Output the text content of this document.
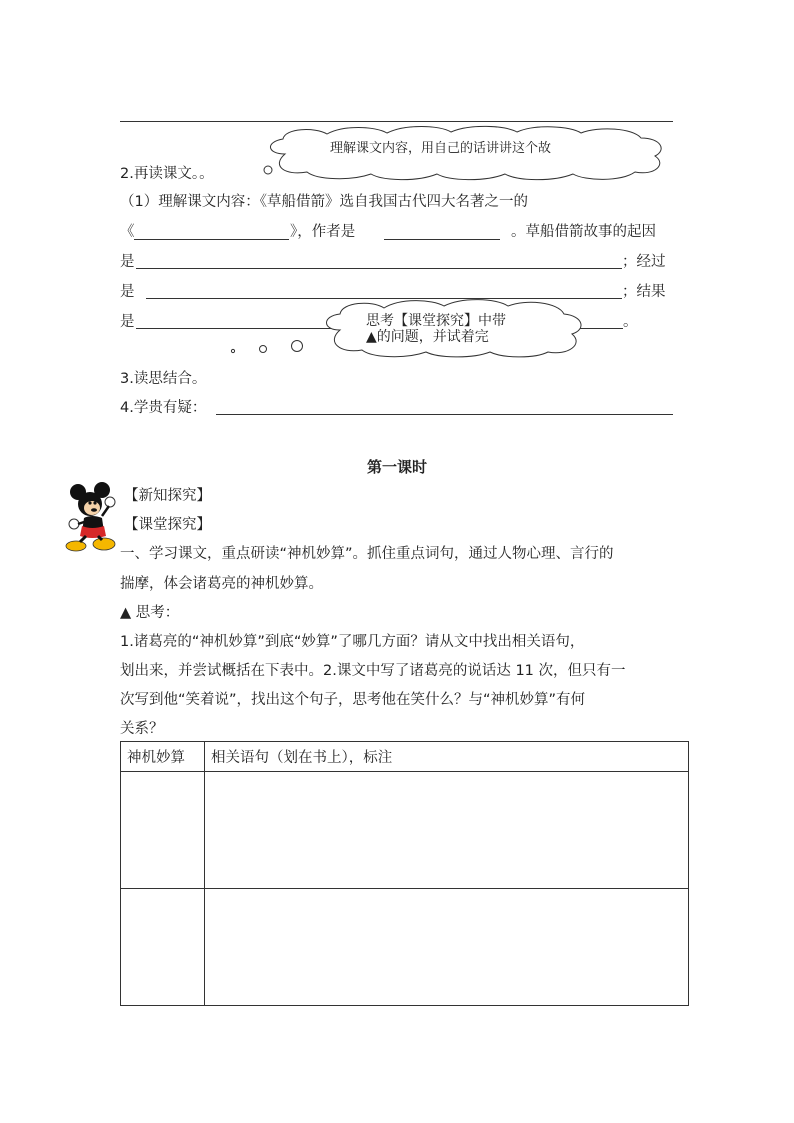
理解课文内容，用自己的话讲讲这个故
2.再读课文。。
（1）理解课文内容：《草船借箭》选自我国古代四大名著之一的
《	》，作者是	。草船借箭故事的起因
是	；经过
是	；结果
是	。
思考【课堂探究】中带
▲的问题，并试着完
3.读思结合。
4.学贵有疑：
第一课时
【新知探究】
【课堂探究】
一、学习课文，重点研读“神机妙算”。抓住重点词句，通过人物心理、言行的
揣摩，体会诸葛亮的神机妙算。
▲ 思考：
1.诸葛亮的“神机妙算”到底“妙算”了哪几方面？请从文中找出相关语句，
划出来，并尝试概括在下表中。2.课文中写了诸葛亮的说话达 11 次，但只有一
次写到他“笑着说”，找出这个句子，思考他在笑什么？与“神机妙算”有何
关系？
神机妙算	相关语句（划在书上），标注
